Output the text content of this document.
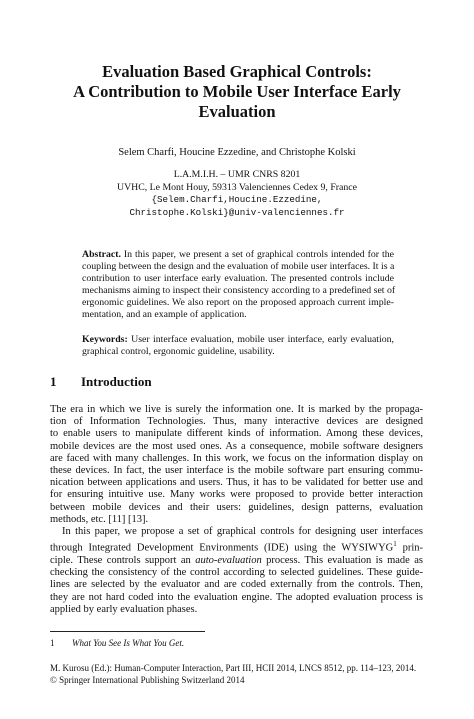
Evaluation Based Graphical Controls:
A Contribution to Mobile User Interface Early
Evaluation
Selem Charfi, Houcine Ezzedine, and Christophe Kolski
L.A.M.I.H. – UMR CNRS 8201
UVHC, Le Mont Houy, 59313 Valenciennes Cedex 9, France
{Selem.Charfi,Houcine.Ezzedine,
Christophe.Kolski}@univ-valenciennes.fr
Abstract. In this paper, we present a set of graphical controls intended for the
coupling between the design and the evaluation of mobile user interfaces. It is a
contribution to user interface early evaluation. The presented controls include
mechanisms aiming to inspect their consistency according to a predefined set of
ergonomic guidelines. We also report on the proposed approach current imple-
mentation, and an example of application.
Keywords: User interface evaluation, mobile user interface, early evaluation,
graphical control, ergonomic guideline, usability.
1 Introduction
The era in which we live is surely the information one. It is marked by the propaga-
tion of Information Technologies. Thus, many interactive devices are designed
to enable users to manipulate different kinds of information. Among these devices,
mobile devices are the most used ones. As a consequence, mobile software designers
are faced with many challenges. In this work, we focus on the information display on
these devices. In fact, the user interface is the mobile software part ensuring commu-
nication between applications and users. Thus, it has to be validated for better use and
for ensuring intuitive use. Many works were proposed to provide better interaction
between mobile devices and their users: guidelines, design patterns, evaluation
methods, etc. [11] [13].
In this paper, we propose a set of graphical controls for designing user interfaces
through Integrated Development Environments (IDE) using the WYSIWYG$^1$ prin-
ciple. These controls support an auto-evaluation process. This evaluation is made as
checking the consistency of the control according to selected guidelines. These guide-
lines are selected by the evaluator and are coded externally from the controls. Then,
they are not hard coded into the evaluation engine. The adopted evaluation process is
applied by early evaluation phases.
1 What You See Is What You Get.
M. Kurosu (Ed.): Human-Computer Interaction, Part III, HCII 2014, LNCS 8512, pp. 114–123, 2014.
© Springer International Publishing Switzerland 2014
